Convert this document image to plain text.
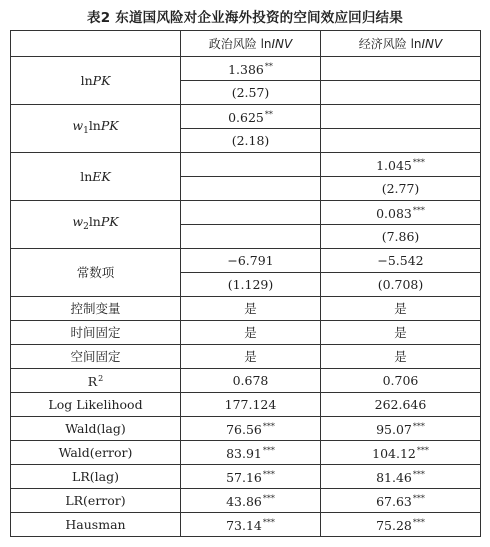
表2 东道国风险对企业海外投资的空间效应回归结果
	政治风险 lnINV	经济风险 lnINV
lnPK	1.386**	
	(2.57)	
$w_1lnPK$	0.625**	
	(2.18)	
lnEK		1.045***
		(2.77)
$w_2lnPK$		0.083***
		(7.86)
常数项	−6.791	−5.542
	(1.129)	(0.708)
控制变量	是	是
时间固定	是	是
空间固定	是	是
$R^2$	0.678	0.706
Log Likelihood	177.124	262.646
Wald(lag)	76.56***	95.07***
Wald(error)	83.91***	104.12***
LR(lag)	57.16***	81.46***
LR(error)	43.86***	67.63***
Hausman	73.14***	75.28***
